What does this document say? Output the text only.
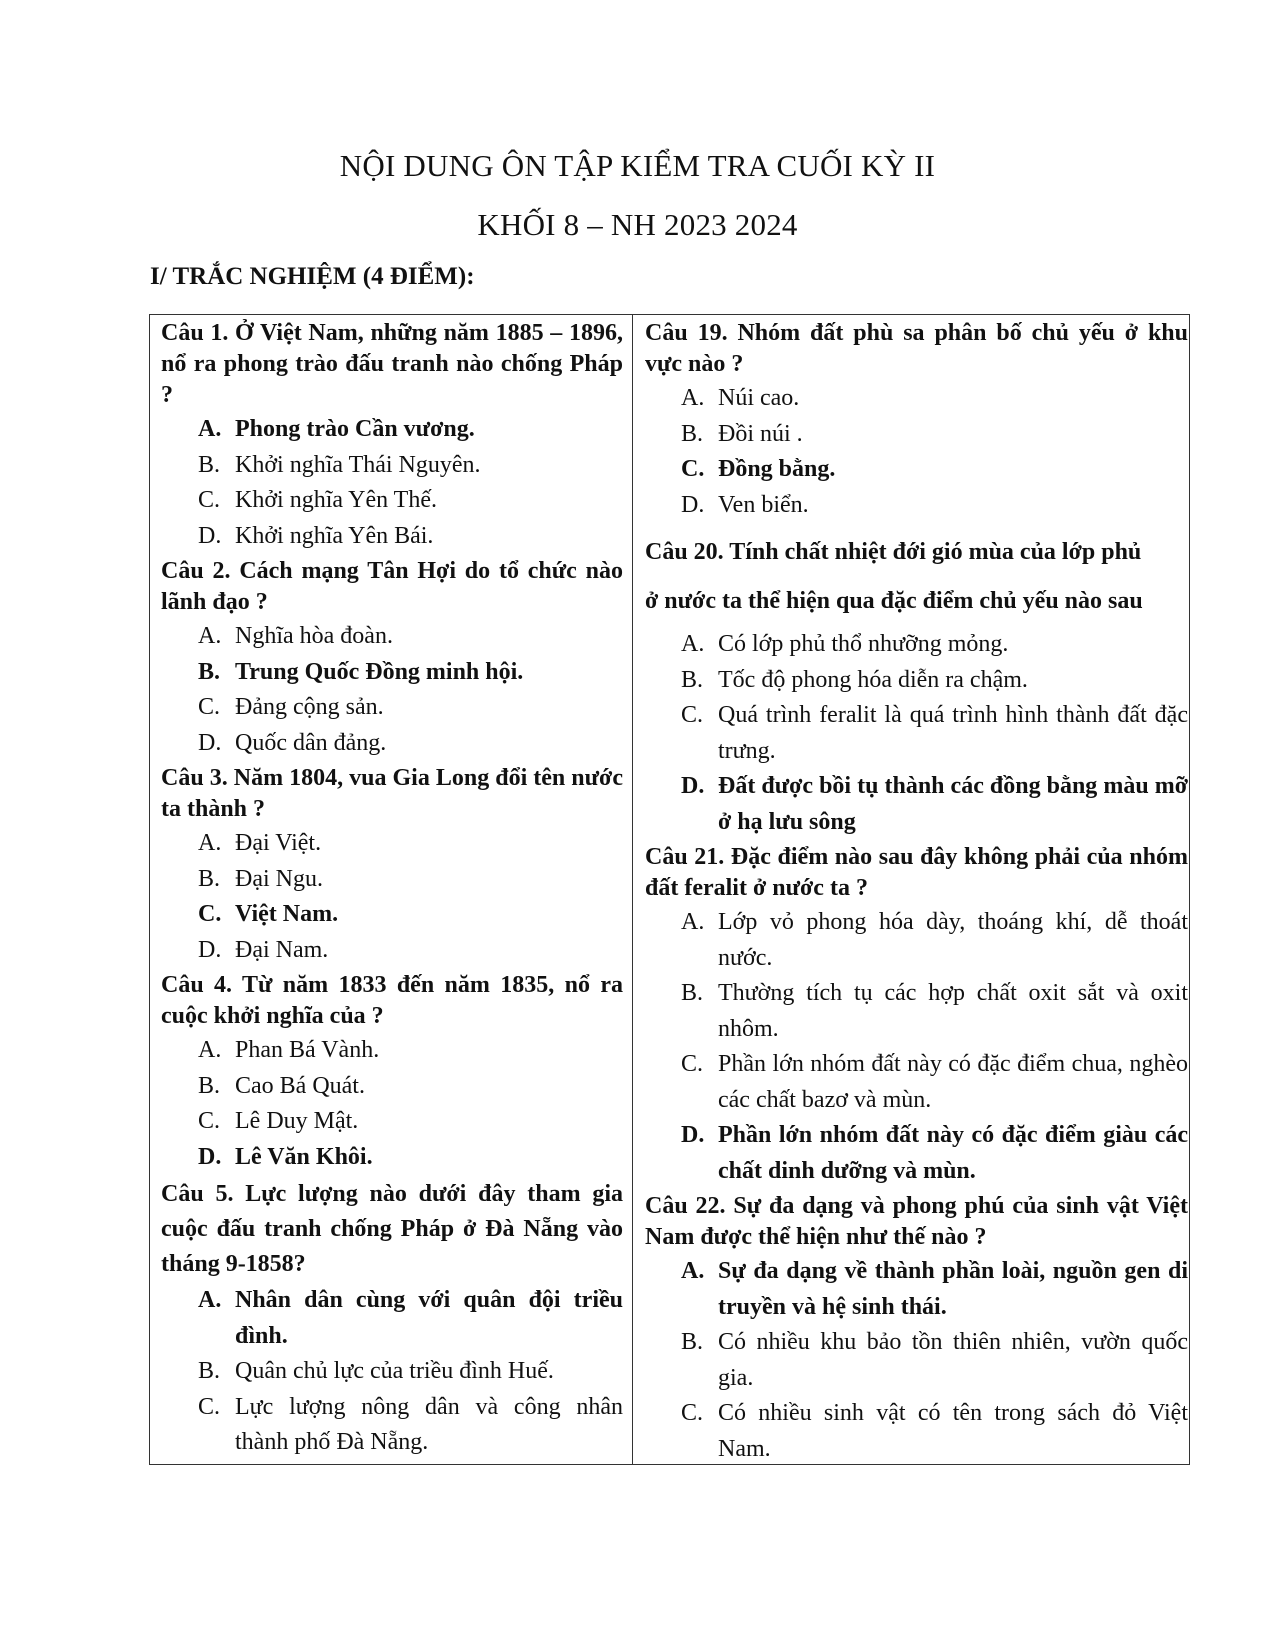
NỘI DUNG ÔN TẬP KIỂM TRA CUỐI KỲ II
KHỐI 8 – NH 2023 2024
I/ TRẮC NGHIỆM (4 ĐIỂM):

Câu 1. Ở Việt Nam, những năm 1885 – 1896, nổ ra phong trào đấu tranh nào chống Pháp ?

A. Phong trào Cần vương.
B. Khởi nghĩa Thái Nguyên.
C. Khởi nghĩa Yên Thế.
D. Khởi nghĩa Yên Bái.

Câu 2. Cách mạng Tân Hợi do tổ chức nào lãnh đạo ?

A. Nghĩa hòa đoàn.
B. Trung Quốc Đồng minh hội.
C. Đảng cộng sản.
D. Quốc dân đảng.

Câu 3. Năm 1804, vua Gia Long đổi tên nước ta thành ?

A. Đại Việt.
B. Đại Ngu.
C. Việt Nam.
D. Đại Nam.

Câu 4. Từ năm 1833 đến năm 1835, nổ ra cuộc khởi nghĩa của ?

A. Phan Bá Vành.
B. Cao Bá Quát.
C. Lê Duy Mật.
D. Lê Văn Khôi.

Câu 5. Lực lượng nào dưới đây tham gia cuộc đấu tranh chống Pháp ở Đà Nẵng vào tháng 9-1858?

A. Nhân dân cùng với quân đội triều đình.
B. Quân chủ lực của triều đình Huế.
C. Lực lượng nông dân và công nhân thành phố Đà Nẵng.

Câu 19. Nhóm đất phù sa phân bố chủ yếu ở khu vực nào ?

A. Núi cao.
B. Đồi núi .
C. Đồng bằng.
D. Ven biển.

Câu 20. Tính chất nhiệt đới gió mùa của lớp phủ

ở nước ta thể hiện qua đặc điểm chủ yếu nào sau

A. Có lớp phủ thổ nhưỡng mỏng.
B. Tốc độ phong hóa diễn ra chậm.
C. Quá trình feralit là quá trình hình thành đất đặc trưng.
D. Đất được bồi tụ thành các đồng bằng màu mỡ ở hạ lưu sông

Câu 21. Đặc điểm nào sau đây không phải của nhóm đất feralit ở nước ta ?

A. Lớp vỏ phong hóa dày, thoáng khí, dễ thoát nước.
B. Thường tích tụ các hợp chất oxit sắt và oxit nhôm.
C. Phần lớn nhóm đất này có đặc điểm chua, nghèo các chất bazơ và mùn.
D. Phần lớn nhóm đất này có đặc điểm giàu các chất dinh dưỡng và mùn.

Câu 22. Sự đa dạng và phong phú của sinh vật Việt Nam được thể hiện như thế nào ?

A. Sự đa dạng về thành phần loài, nguồn gen di truyền và hệ sinh thái.
B. Có nhiều khu bảo tồn thiên nhiên, vườn quốc gia.
C. Có nhiều sinh vật có tên trong sách đỏ Việt Nam.
